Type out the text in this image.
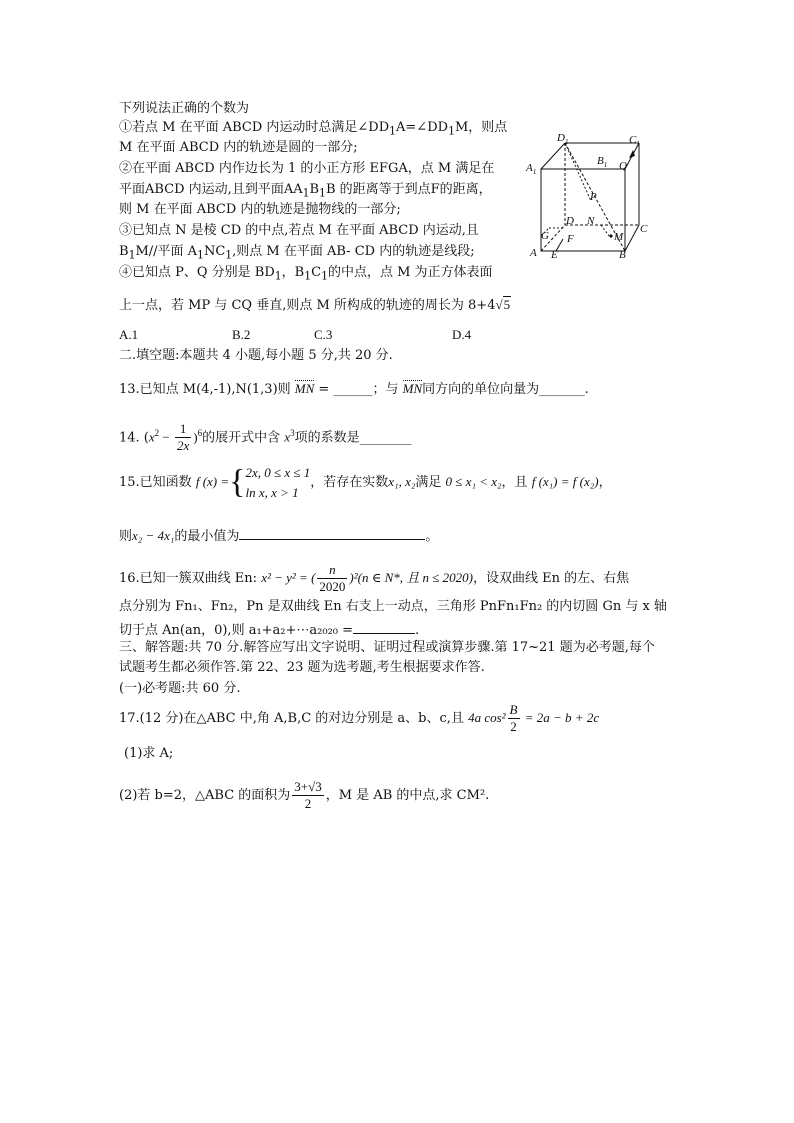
下列说法正确的个数为
①若点 M 在平面 ABCD 内运动时总满足$\angle DD_1A=\angle DD_1M$，则点
M 在平面 ABCD 内的轨迹是圆的一部分;
②在平面 ABCD 内作边长为 1 的小正方形 EFGA，点 M 满足在
平面ABCD 内运动,且到平面$AA_1B_1B$ 的距离等于到点F的距离，
则 M 在平面 ABCD 内的轨迹是抛物线的一部分;
③已知点 N 是棱 CD 的中点,若点 M 在平面 ABCD 内运动,且
$B_1M//$平面 $A_1NC_1$,则点 M 在平面 AB- CD 内的轨迹是线段;
④已知点 P、Q 分别是 $BD_1$，$B_1C_1$的中点，点 M 为正方体表面
上一点，若 MP 与 CQ 垂直,则点 M 所构成的轨迹的周长为 8+4√5
A.1	B.2	C.3	D.4
$D_1$	$C_1$
$A_1$
$B_1$ Q
P
D N
C
G F	M
A E	B
二.填空题:本题共 4 小题,每小题 5 分,共 20 分.
13.已知点 M(4,-1),N(1,3)则 MN = ______；与 MN同方向的单位向量为_______.
14. $(x^2 - \frac{1}{2x} )^6$的展开式中含 $x^3$项的系数是________
15.已知函数 f (x) ={ 2x, 0 ≤ x ≤ 1
ln x, x > 1
，若存在实数x₁, x₂满足 0 ≤ x₁ < x₂，且 f (x₁) = f (x₂)，
则x₂ − 4x₁的最小值为	。
16.已知一簇双曲线 En: x² − y² = ( $\frac{n}{2020} )^2(n$ ∈ N*, 且 n ≤ 2020)，设双曲线 En 的左、右焦
点分别为 Fn₁、Fn₂，Pn 是双曲线 En 右支上一动点，三角形 PnFn₁Fn₂ 的内切圆 Gn 与 x 轴
切于点 An(an，0),则 a₁+a₂+⋯a₂₀₂₀ =	.
三、解答题:共 70 分.解答应写出文字说明、证明过程或演算步骤.第 17~21 题为必考题,每个
试题考生都必须作答.第 22、23 题为选考题,考生根据要求作答.
(一)必考题:共 60 分.
17.(12 分)在△ABC 中,角 A,B,C 的对边分别是 a、b、c,且 4a $\cos^2 \frac{B}{2} = 2a - b + 2c$
(1)求 A;
(2)若 b=2，△ABC 的面积为 $\frac{3+√3}{2}$ ，M 是 AB 的中点,求 CM².
